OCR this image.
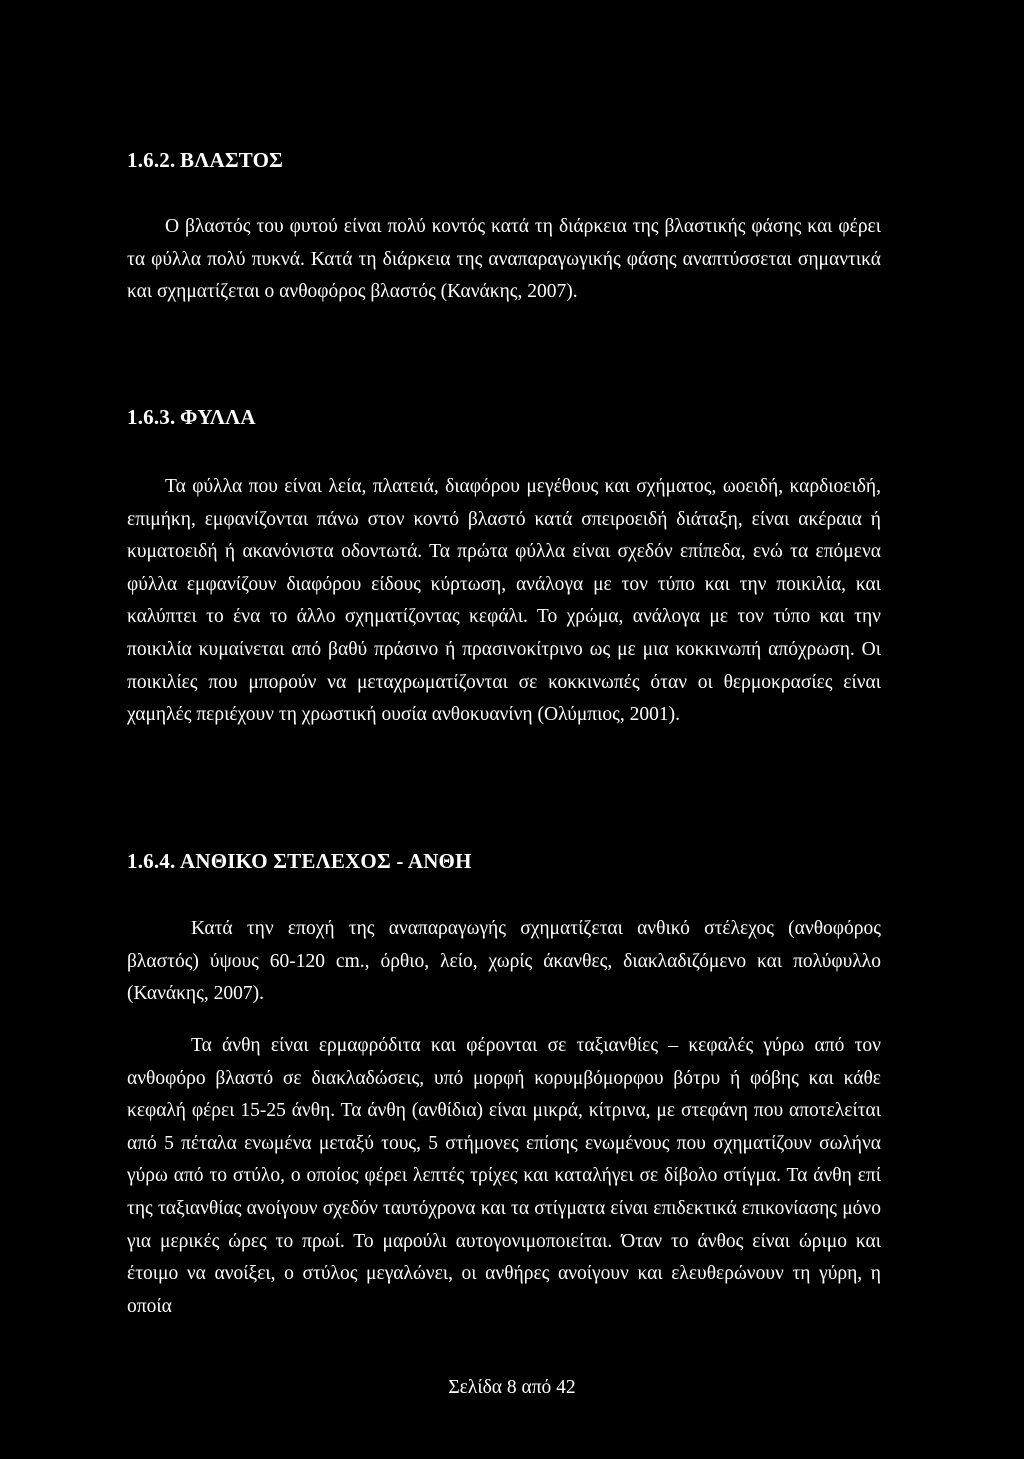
1.6.2. ΒΛΑΣΤΟΣ

Ο βλαστός του φυτού είναι πολύ κοντός κατά τη διάρκεια της βλαστικής φάσης και φέρει τα φύλλα πολύ πυκνά. Κατά τη διάρκεια της αναπαραγωγικής φάσης αναπτύσσεται σημαντικά και σχηματίζεται ο ανθοφόρος βλαστός (Κανάκης, 2007).

1.6.3. ΦΥΛΛΑ

Τα φύλλα που είναι λεία, πλατειά, διαφόρου μεγέθους και σχήματος, ωοειδή, καρδιοειδή, επιμήκη, εμφανίζονται πάνω στον κοντό βλαστό κατά σπειροειδή διάταξη, είναι ακέραια ή κυματοειδή ή ακανόνιστα οδοντωτά. Τα πρώτα φύλλα είναι σχεδόν επίπεδα, ενώ τα επόμενα φύλλα εμφανίζουν διαφόρου είδους κύρτωση, ανάλογα με τον τύπο και την ποικιλία, και καλύπτει το ένα το άλλο σχηματίζοντας κεφάλι. Το χρώμα, ανάλογα με τον τύπο και την ποικιλία κυμαίνεται από βαθύ πράσινο ή πρασινοκίτρινο ως με μια κοκκινωπή απόχρωση. Οι ποικιλίες που μπορούν να μεταχρωματίζονται σε κοκκινωπές όταν οι θερμοκρασίες είναι χαμηλές περιέχουν τη χρωστική ουσία ανθοκυανίνη (Ολύμπιος, 2001).

1.6.4. ΑΝΘΙΚΟ ΣΤΕΛΕΧΟΣ - ΑΝΘΗ

Κατά την εποχή της αναπαραγωγής σχηματίζεται ανθικό στέλεχος (ανθοφόρος βλαστός) ύψους 60-120 cm., όρθιο, λείο, χωρίς άκανθες, διακλαδιζόμενο και πολύφυλλο (Κανάκης, 2007).

Τα άνθη είναι ερμαφρόδιτα και φέρονται σε ταξιανθίες – κεφαλές γύρω από τον ανθοφόρο βλαστό σε διακλαδώσεις, υπό μορφή κορυμβόμορφου βότρυ ή φόβης και κάθε κεφαλή φέρει 15-25 άνθη. Τα άνθη (ανθίδια) είναι μικρά, κίτρινα, με στεφάνη που αποτελείται από 5 πέταλα ενωμένα μεταξύ τους, 5 στήμονες επίσης ενωμένους που σχηματίζουν σωλήνα γύρω από το στύλο, ο οποίος φέρει λεπτές τρίχες και καταλήγει σε δίβολο στίγμα. Τα άνθη επί της ταξιανθίας ανοίγουν σχεδόν ταυτόχρονα και τα στίγματα είναι επιδεκτικά επικονίασης μόνο για μερικές ώρες το πρωί. Το μαρούλι αυτογονιμοποιείται. Όταν το άνθος είναι ώριμο και έτοιμο να ανοίξει, ο στύλος μεγαλώνει, οι ανθήρες ανοίγουν και ελευθερώνουν τη γύρη, η οποία

Σελίδα 8 από 42
